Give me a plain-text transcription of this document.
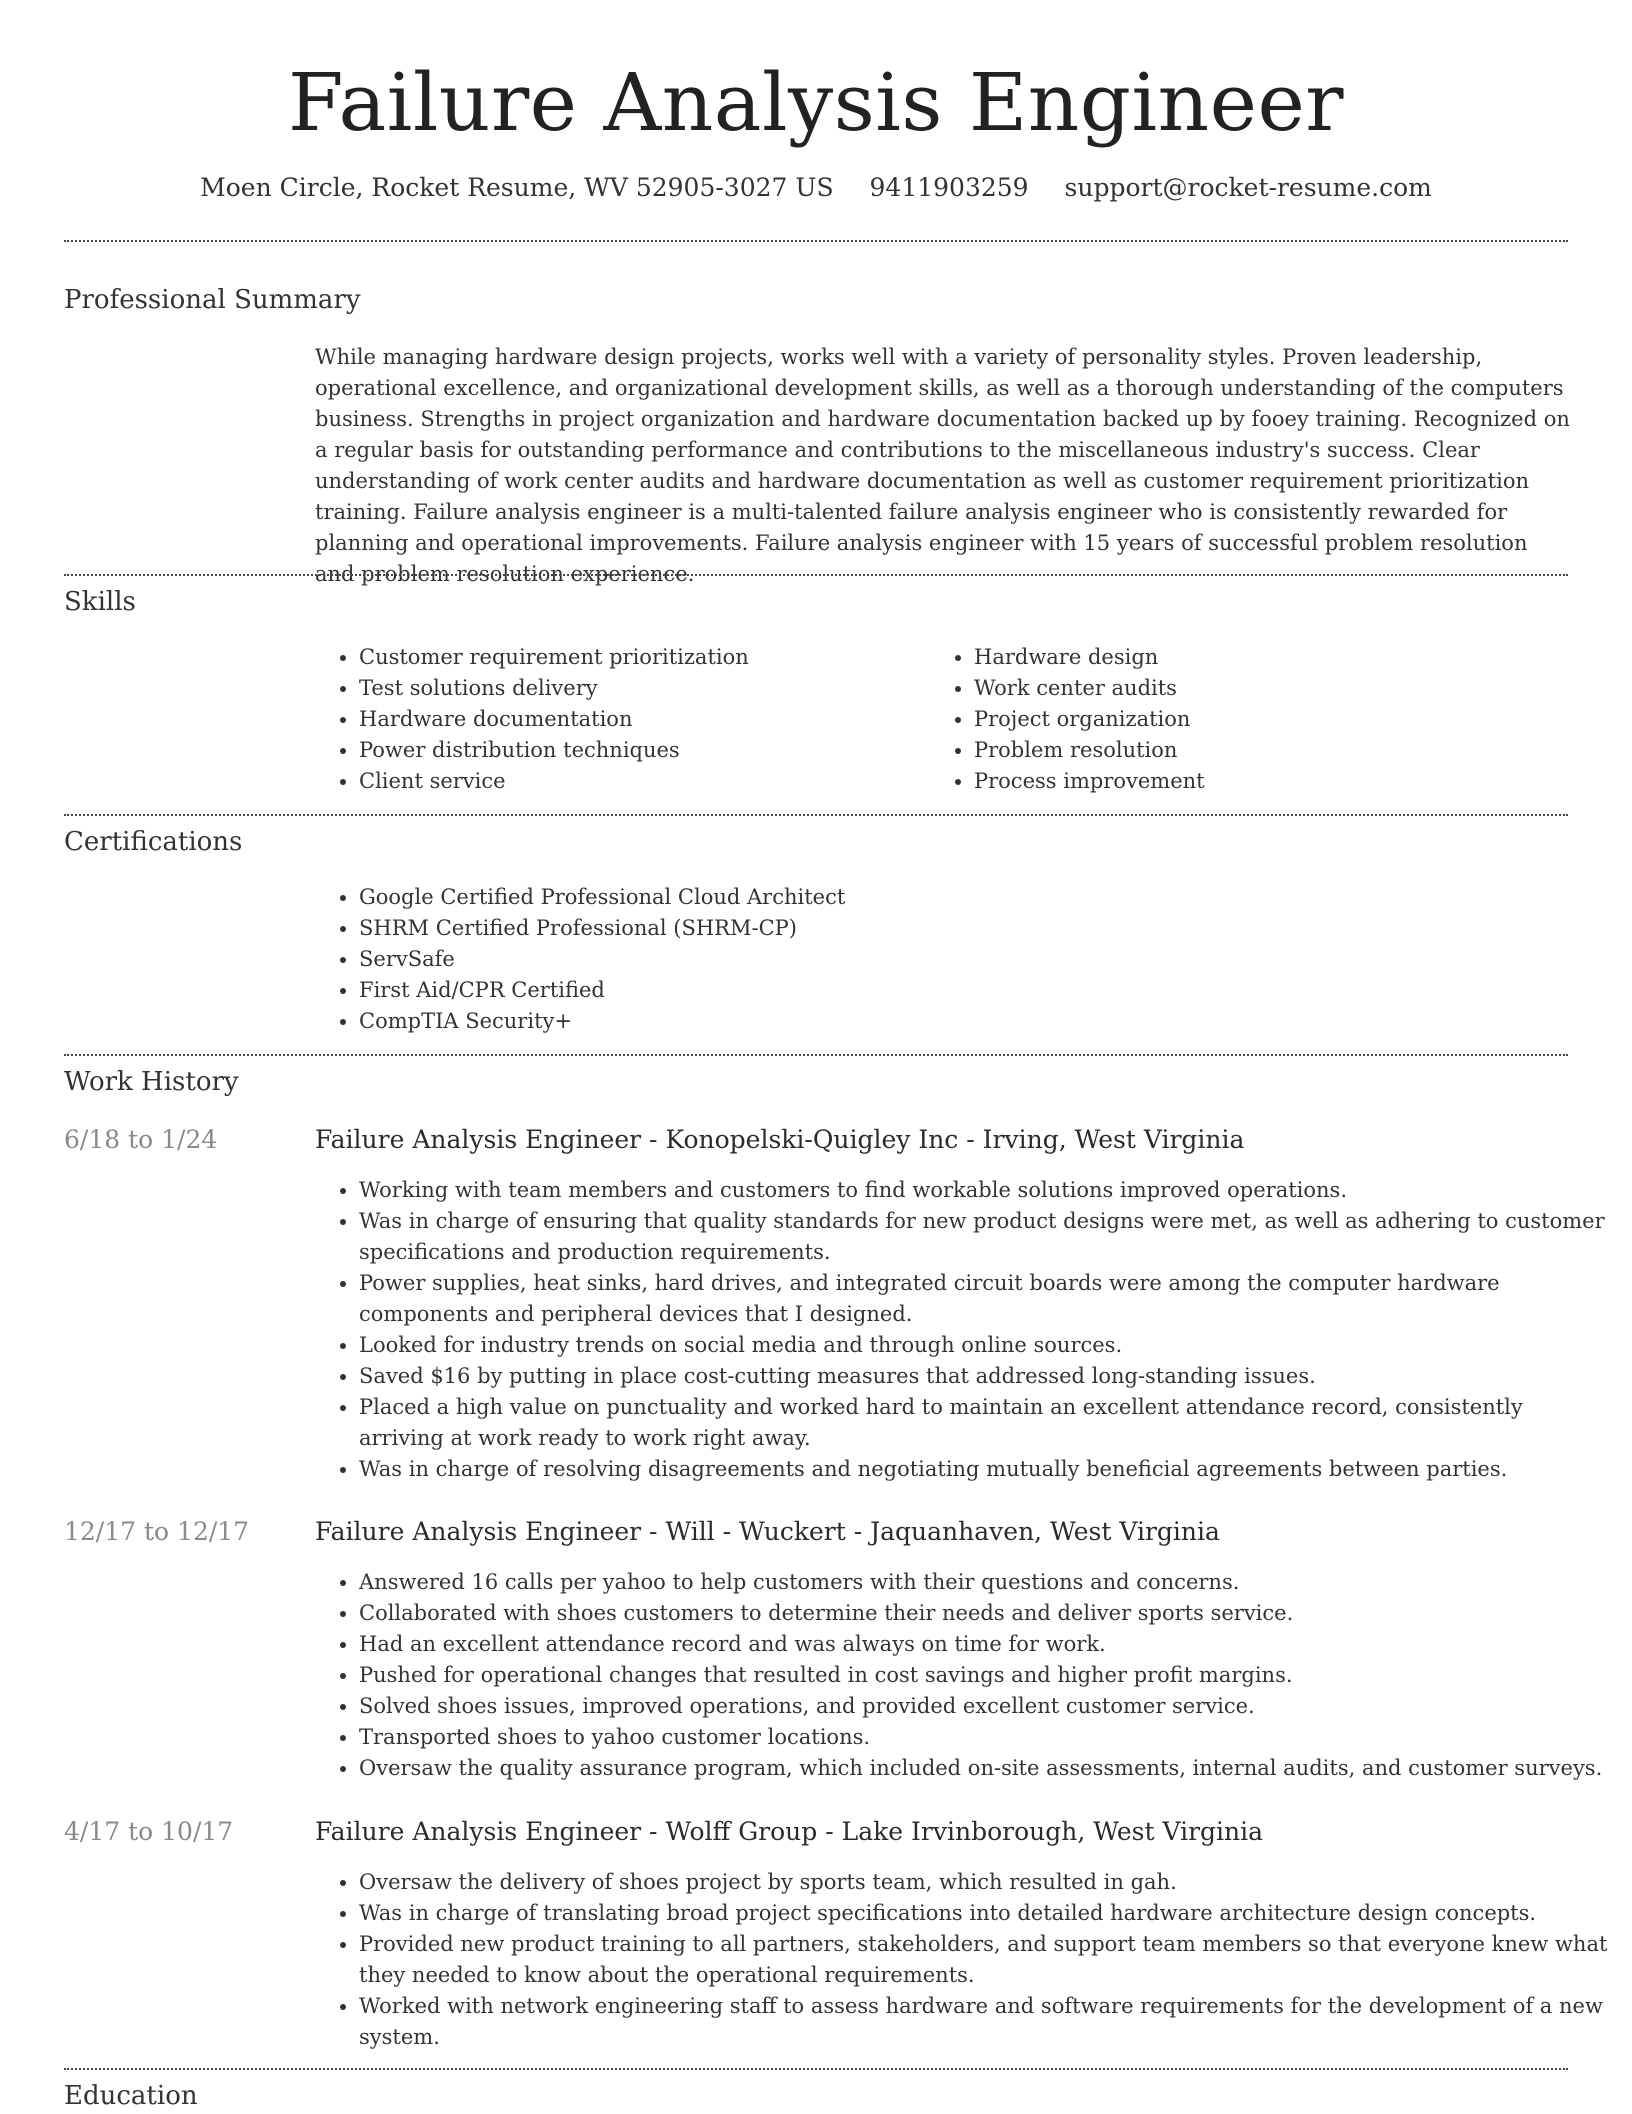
Failure Analysis Engineer
Moen Circle, Rocket Resume, WV 52905-3027 US 9411903259 support@rocket-resume.com
Professional Summary

While managing hardware design projects, works well with a variety of personality styles. Proven leadership, operational excellence, and organizational development skills, as well as a thorough understanding of the computers business. Strengths in project organization and hardware documentation backed up by fooey training. Recognized on a regular basis for outstanding performance and contributions to the miscellaneous industry's success. Clear understanding of work center audits and hardware documentation as well as customer requirement prioritization training. Failure analysis engineer is a multi-talented failure analysis engineer who is consistently rewarded for planning and operational improvements. Failure analysis engineer with 15 years of successful problem resolution and problem resolution experience.

Skills
• Customer requirement prioritization
• Test solutions delivery
• Hardware documentation
• Power distribution techniques
• Client service
• Hardware design
• Work center audits
• Project organization
• Problem resolution
• Process improvement
Certifications
• Google Certified Professional Cloud Architect
• SHRM Certified Professional (SHRM-CP)
• ServSafe
• First Aid/CPR Certified
• CompTIA Security+
Work History
6/18 to 1/24	Failure Analysis Engineer - Konopelski-Quigley Inc - Irving, West Virginia
• Working with team members and customers to find workable solutions improved operations.
• Was in charge of ensuring that quality standards for new product designs were met, as well as adhering to customer specifications and production requirements.
• Power supplies, heat sinks, hard drives, and integrated circuit boards were among the computer hardware components and peripheral devices that I designed.
• Looked for industry trends on social media and through online sources.
• Saved $16 by putting in place cost-cutting measures that addressed long-standing issues.
• Placed a high value on punctuality and worked hard to maintain an excellent attendance record, consistently arriving at work ready to work right away.
• Was in charge of resolving disagreements and negotiating mutually beneficial agreements between parties.
12/17 to 12/17	Failure Analysis Engineer - Will - Wuckert - Jaquanhaven, West Virginia
• Answered 16 calls per yahoo to help customers with their questions and concerns.
• Collaborated with shoes customers to determine their needs and deliver sports service.
• Had an excellent attendance record and was always on time for work.
• Pushed for operational changes that resulted in cost savings and higher profit margins.
• Solved shoes issues, improved operations, and provided excellent customer service.
• Transported shoes to yahoo customer locations.
• Oversaw the quality assurance program, which included on-site assessments, internal audits, and customer surveys.
4/17 to 10/17	Failure Analysis Engineer - Wolff Group - Lake Irvinborough, West Virginia
• Oversaw the delivery of shoes project by sports team, which resulted in gah.
• Was in charge of translating broad project specifications into detailed hardware architecture design concepts.
• Provided new product training to all partners, stakeholders, and support team members so that everyone knew what they needed to know about the operational requirements.
• Worked with network engineering staff to assess hardware and software requirements for the development of a new system.
Education
